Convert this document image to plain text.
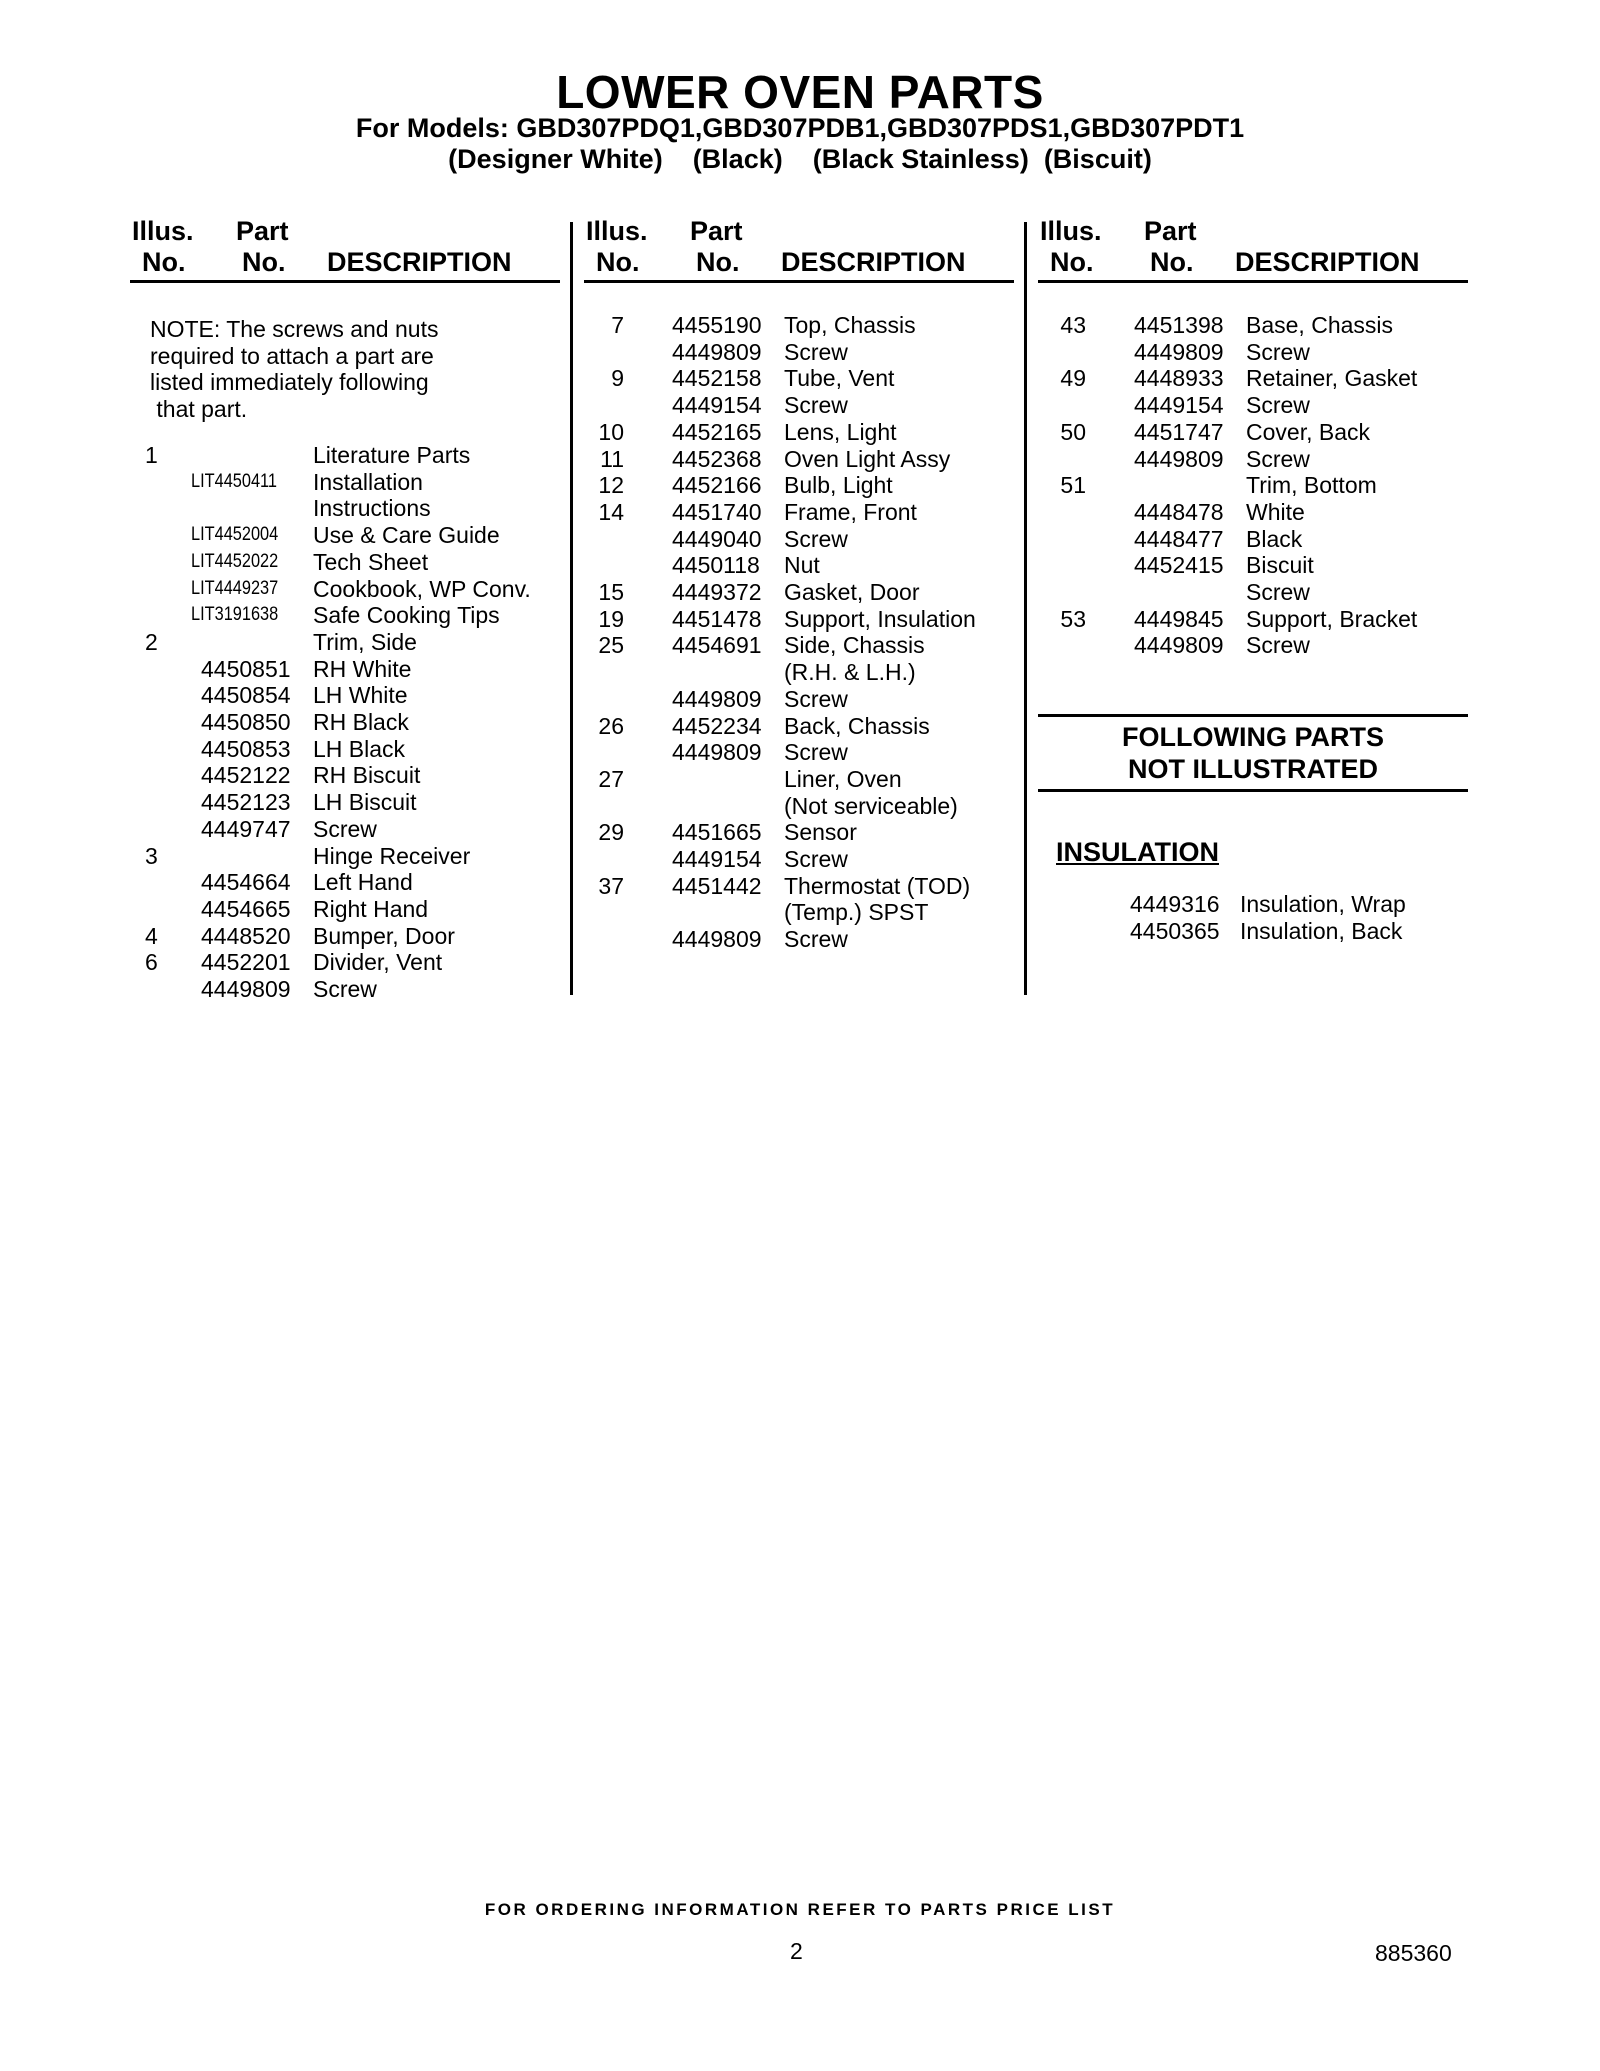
LOWER OVEN PARTS
For Models: GBD307PDQ1,GBD307PDB1,GBD307PDS1,GBD307PDT1
(Designer White)    (Black)    (Black Stainless)  (Biscuit)
Illus.
No.
Part
No. DESCRIPTION
Illus.
No.
Part
No. DESCRIPTION
Illus.
No.
Part
No. DESCRIPTION
NOTE: The screws and nuts
required to attach a part are
listed immediately following
that part.
1	Literature Parts
LIT4450411 Installation
Instructions
LIT4452004 Use & Care Guide
LIT4452022 Tech Sheet
LIT4449237 Cookbook, WP Conv.
LIT3191638 Safe Cooking Tips
2	Trim, Side
4450851 RH White
4450854 LH White
4450850 RH Black
4450853 LH Black
4452122 RH Biscuit
4452123 LH Biscuit
4449747 Screw
3	Hinge Receiver
4454664 Left Hand
4454665 Right Hand
4	4448520 Bumper, Door
6	4452201 Divider, Vent
4449809 Screw
7 4455190 Top, Chassis
4449809 Screw
9 4452158 Tube, Vent
4449154 Screw
10 4452165 Lens, Light
11 4452368 Oven Light Assy
12 4452166 Bulb, Light
14 4451740 Frame, Front
4449040 Screw
4450118 Nut
15 4449372 Gasket, Door
19 4451478 Support, Insulation
25 4454691 Side, Chassis
(R.H. & L.H.)
4449809 Screw
26 4452234 Back, Chassis
4449809 Screw
27	Liner, Oven
(Not serviceable)
29 4451665 Sensor
4449154 Screw
37 4451442 Thermostat (TOD)
(Temp.) SPST
4449809 Screw
43 4451398 Base, Chassis
4449809 Screw
49 4448933 Retainer, Gasket
4449154 Screw
50 4451747 Cover, Back
4449809 Screw
51	Trim, Bottom
4448478 White
4448477 Black
4452415 Biscuit
Screw
53 4449845 Support, Bracket
4449809 Screw
FOLLOWING PARTS
NOT ILLUSTRATED
INSULATION
4449316 Insulation, Wrap
4450365 Insulation, Back
FOR ORDERING INFORMATION REFER TO PARTS PRICE LIST
2	885360
